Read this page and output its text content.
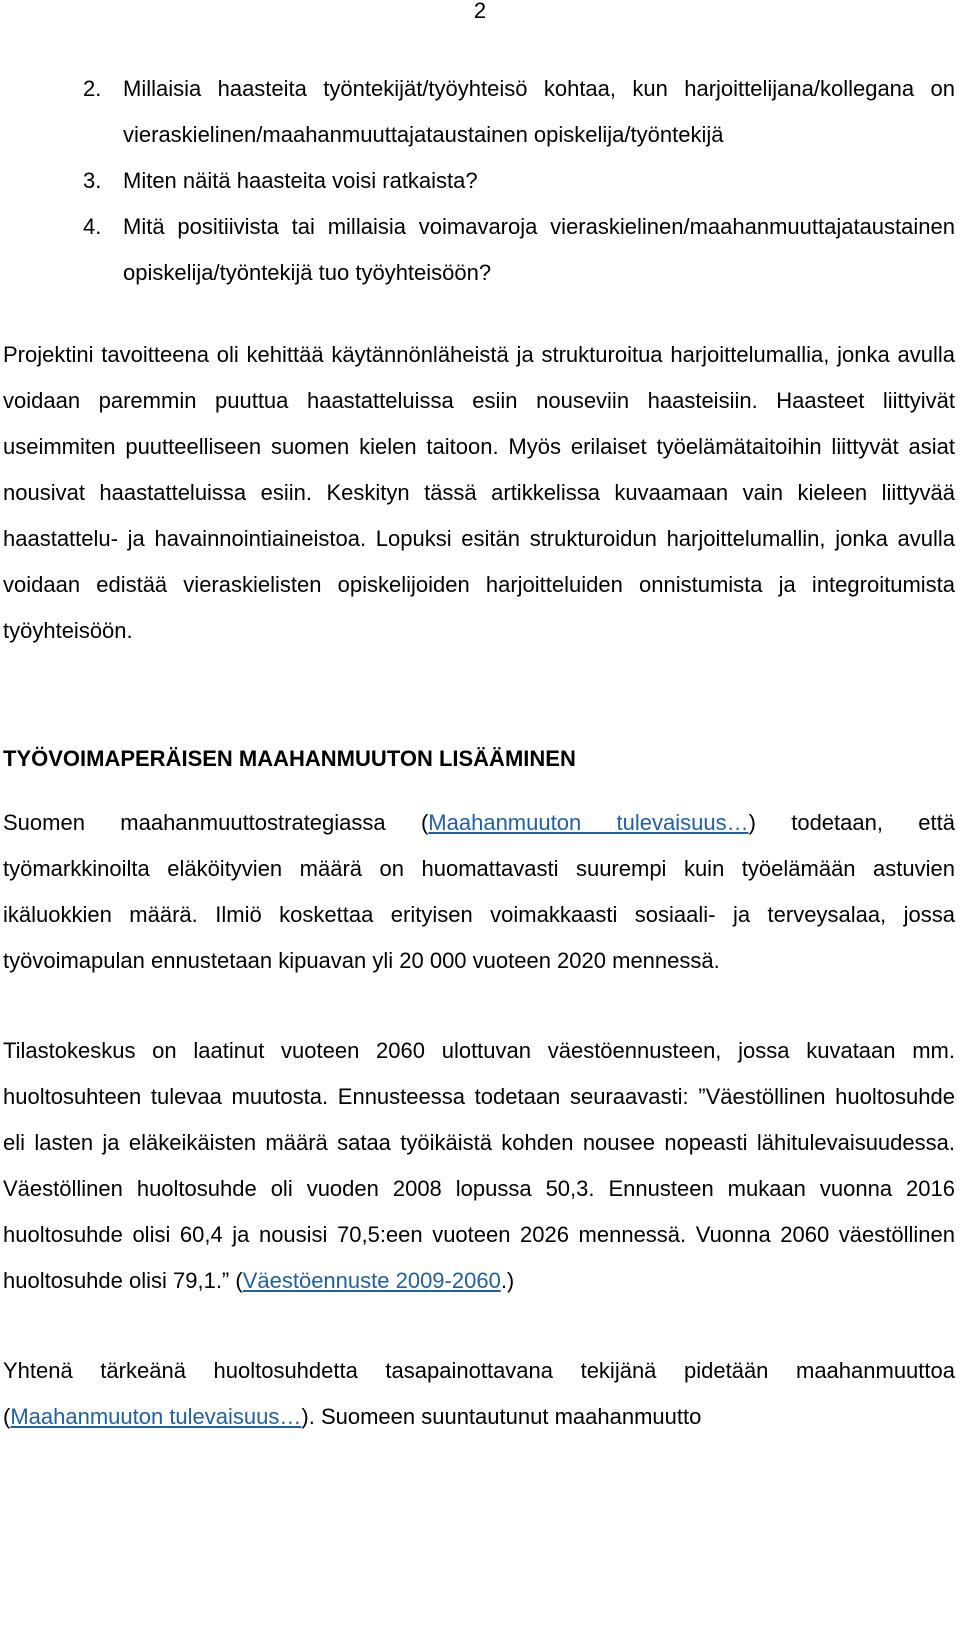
2
2. Millaisia haasteita työntekijät/työyhteisö kohtaa, kun harjoittelijana/kollegana on vieraskielinen/maahanmuuttajataustainen opiskelija/työntekijä
3. Miten näitä haasteita voisi ratkaista?
4. Mitä positiivista tai millaisia voimavaroja vieraskielinen/maahanmuuttajataustainen opiskelija/työntekijä tuo työyhteisöön?

Projektini tavoitteena oli kehittää käytännönläheistä ja strukturoitua harjoittelumallia, jonka avulla voidaan paremmin puuttua haastatteluissa esiin nouseviin haasteisiin. Haasteet liittyivät useimmiten puutteelliseen suomen kielen taitoon. Myös erilaiset työelämätaitoihin liittyvät asiat nousivat haastatteluissa esiin. Keskityn tässä artikkelissa kuvaamaan vain kieleen liittyvää haastattelu- ja havainnointiaineistoa. Lopuksi esitän strukturoidun harjoittelumallin, jonka avulla voidaan edistää vieraskielisten opiskelijoiden harjoitteluiden onnistumista ja integroitumista työyhteisöön.

TYÖVOIMAPERÄISEN MAAHANMUUTON LISÄÄMINEN

Suomen maahanmuuttostrategiassa (Maahanmuuton tulevaisuus…) todetaan, että työmarkkinoilta eläköityvien määrä on huomattavasti suurempi kuin työelämään astuvien ikäluokkien määrä. Ilmiö koskettaa erityisen voimakkaasti sosiaali- ja terveysalaa, jossa työvoimapulan ennustetaan kipuavan yli 20 000 vuoteen 2020 mennessä.

Tilastokeskus on laatinut vuoteen 2060 ulottuvan väestöennusteen, jossa kuvataan mm. huoltosuhteen tulevaa muutosta. Ennusteessa todetaan seuraavasti: ”Väestöllinen huoltosuhde eli lasten ja eläkeikäisten määrä sataa työikäistä kohden nousee nopeasti lähitulevaisuudessa. Väestöllinen huoltosuhde oli vuoden 2008 lopussa 50,3. Ennusteen mukaan vuonna 2016 huoltosuhde olisi 60,4 ja nousisi 70,5:een vuoteen 2026 mennessä. Vuonna 2060 väestöllinen huoltosuhde olisi 79,1.” (Väestöennuste 2009-2060.)

Yhtenä tärkeänä huoltosuhdetta tasapainottavana tekijänä pidetään maahanmuuttoa (Maahanmuuton tulevaisuus…). Suomeen suuntautunut maahanmuutto
